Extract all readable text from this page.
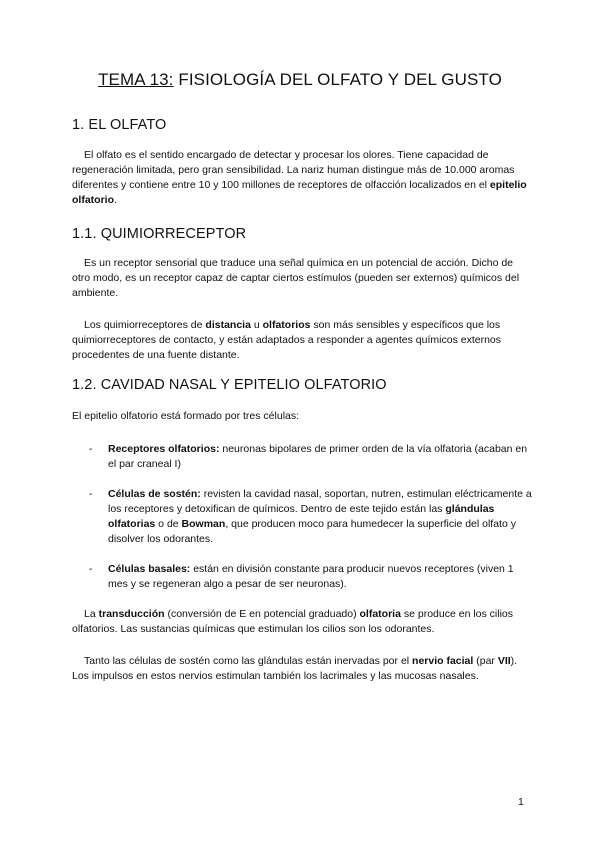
TEMA 13: FISIOLOGÍA DEL OLFATO Y DEL GUSTO
1. EL OLFATO

El olfato es el sentido encargado de detectar y procesar los olores. Tiene capacidad de regeneración limitada, pero gran sensibilidad. La nariz human distingue más de 10.000 aromas diferentes y contiene entre 10 y 100 millones de receptores de olfacción localizados en el epitelio olfatorio.

1.1. QUIMIORRECEPTOR

Es un receptor sensorial que traduce una señal química en un potencial de acción. Dicho de otro modo, es un receptor capaz de captar ciertos estímulos (pueden ser externos) químicos del ambiente.

Los quimiorreceptores de distancia u olfatorios son más sensibles y específicos que los quimiorreceptores de contacto, y están adaptados a responder a agentes químicos externos procedentes de una fuente distante.

1.2. CAVIDAD NASAL Y EPITELIO OLFATORIO

El epitelio olfatorio está formado por tres células:

- Receptores olfatorios: neuronas bipolares de primer orden de la vía olfatoria (acaban en el par craneal I)

- Células de sostén: revisten la cavidad nasal, soportan, nutren, estimulan eléctricamente a los receptores y detoxifican de químicos. Dentro de este tejido están las glándulas olfatorias o de Bowman, que producen moco para humedecer la superficie del olfato y disolver los odorantes.

- Células basales: están en división constante para producir nuevos receptores (viven 1 mes y se regeneran algo a pesar de ser neuronas).

La transducción (conversión de E en potencial graduado) olfatoria se produce en los cilios olfatorios. Las sustancias químicas que estimulan los cilios son los odorantes.

Tanto las células de sostén como las glándulas están inervadas por el nervio facial (par VII). Los impulsos en estos nervios estimulan también los lacrimales y las mucosas nasales.

1
